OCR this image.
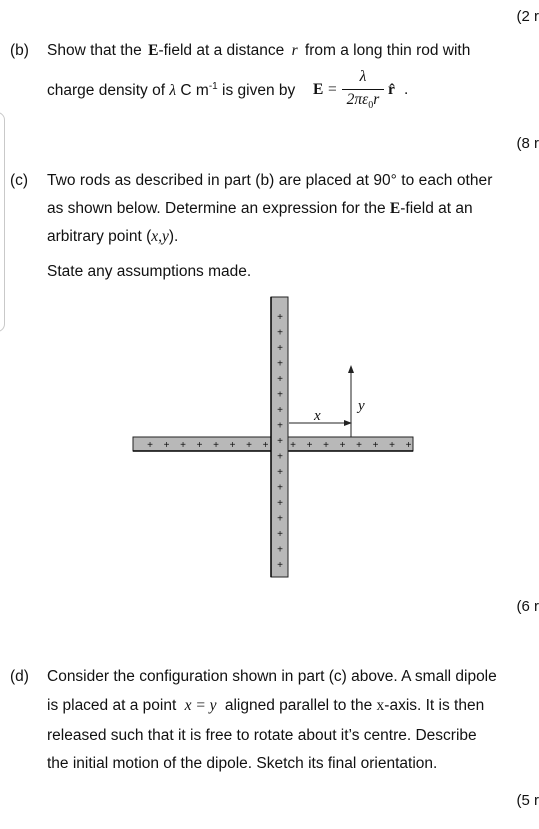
(2 r
(b) Show that the E-field at a distance r from a long thin rod with
charge density of λ C $m^{-1}$ is given by E =
λ
$2\pi\varepsilon_0r$
r̂ .
(8 r
(c) Two rods as described in part (b) are placed at 90° to each other
as shown below. Determine an expression for the E-field at an
arbitrary point (x,y).
State any assumptions made.
+ + + + + + + + + + + + + + + +
+
+
+
+
+
+
+
+
+
+
+
+
+
+
+
+
+
x
y
(6 r
(d) Consider the configuration shown in part (c) above. A small dipole
is placed at a point x = y aligned parallel to the x-axis. It is then
released such that it is free to rotate about it’s centre. Describe
the initial motion of the dipole. Sketch its final orientation.
(5 r
